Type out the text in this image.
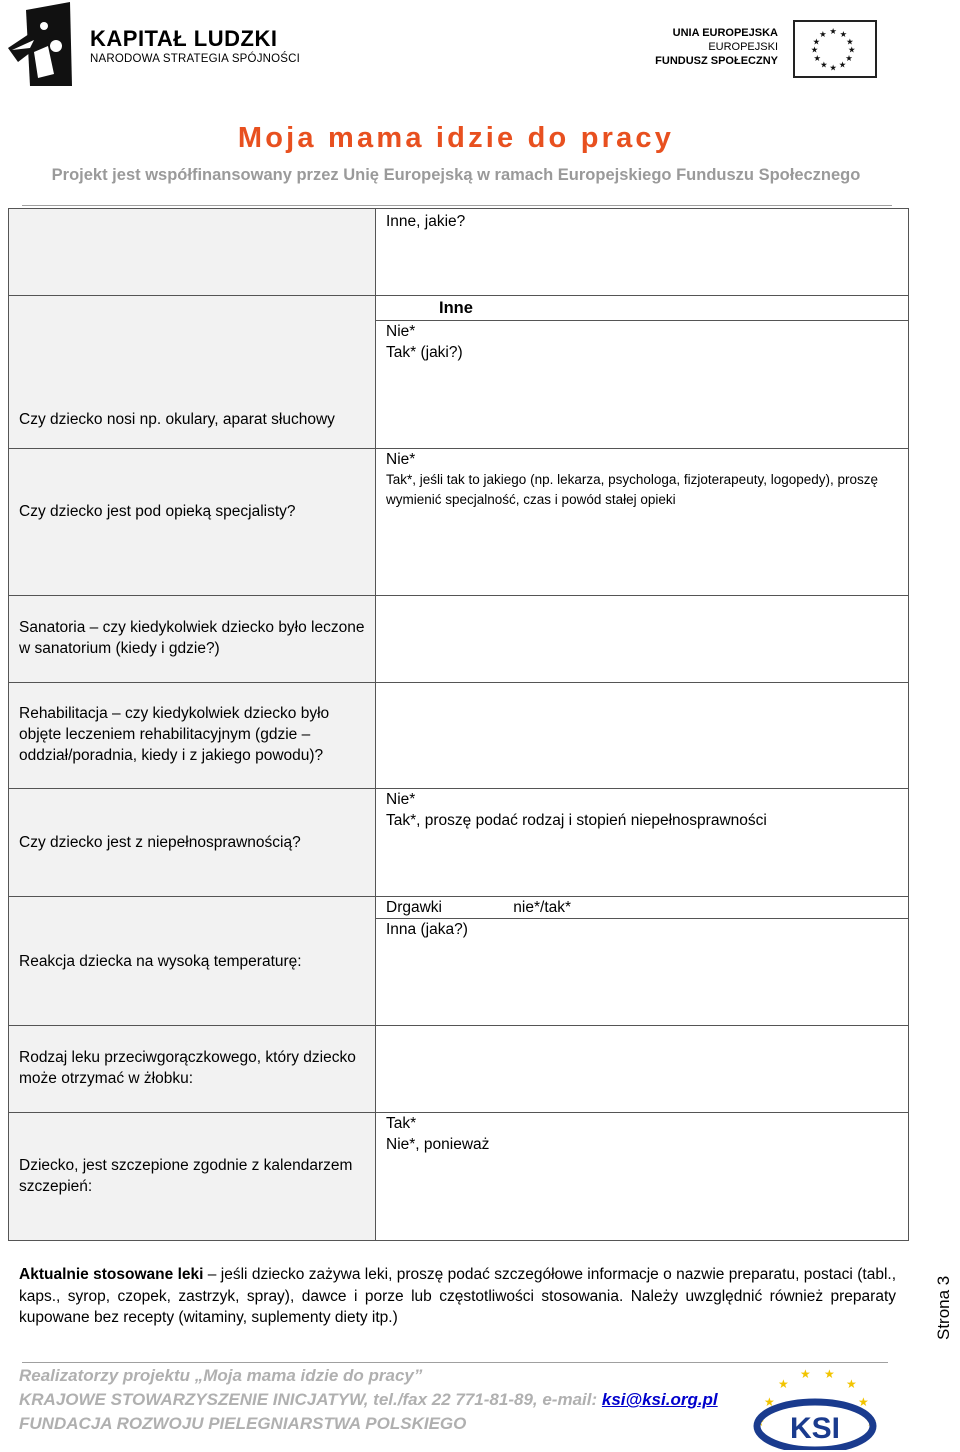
KAPITAŁ LUDZKI
NARODOWA STRATEGIA SPÓJNOŚCI
UNIA EUROPEJSKA
EUROPEJSKI
FUNDUSZ SPOŁECZNY
★ ★
★
★
★
★
★
★
★
★
★
★
Moja mama idzie do pracy
Projekt jest współfinansowany przez Unię Europejską w ramach Europejskiego Funduszu Społecznego

	Inne, jakie?

Czy dziecko nosi np. okulary, aparat słuchowy	Inne
Nie*
Tak* (jaki?)

Czy dziecko jest pod opieką specjalisty?	Nie*
Tak*, jeśli tak to jakiego (np. lekarza, psychologa, fizjoterapeuty, logopedy), proszę wymienić specjalność, czas i powód stałej opieki

Sanatoria – czy kiedykolwiek dziecko było leczone w sanatorium (kiedy i gdzie?)	

Rehabilitacja – czy kiedykolwiek dziecko było objęte leczeniem rehabilitacyjnym (gdzie – oddział/poradnia, kiedy i z jakiego powodu)?	

Czy dziecko jest z niepełnosprawnością?	Nie*
Tak*, proszę podać rodzaj i stopień niepełnosprawności

Reakcja dziecka na wysoką temperaturę:	Drgawki nie*/tak*
Inna (jaka?)

Rodzaj leku przeciwgorączkowego, który dziecko może otrzymać w żłobku:	

Dziecko, jest szczepione zgodnie z kalendarzem szczepień:	Tak*
Nie*, ponieważ
Aktualnie stosowane leki – jeśli dziecko zażywa leki, proszę podać szczegółowe informacje o nazwie preparatu, postaci (tabl., kaps., syrop, czopek, zastrzyk, spray), dawce i porze lub częstotliwości stosowania. Należy uwzględnić również preparaty kupowane bez recepty (witaminy, suplementy diety itp.)	Strona 3
Realizatorzy projektu „Moja mama idzie do pracy”
KRAJOWE STOWARZYSZENIE INICJATYW, tel./fax 22 771-81-89, e-mail: ksi@ksi.org.pl
FUNDACJA ROZWOJU PIELEGNIARSTWA POLSKIEGO
★
★
★ ★
★
★
★	★
KSI
